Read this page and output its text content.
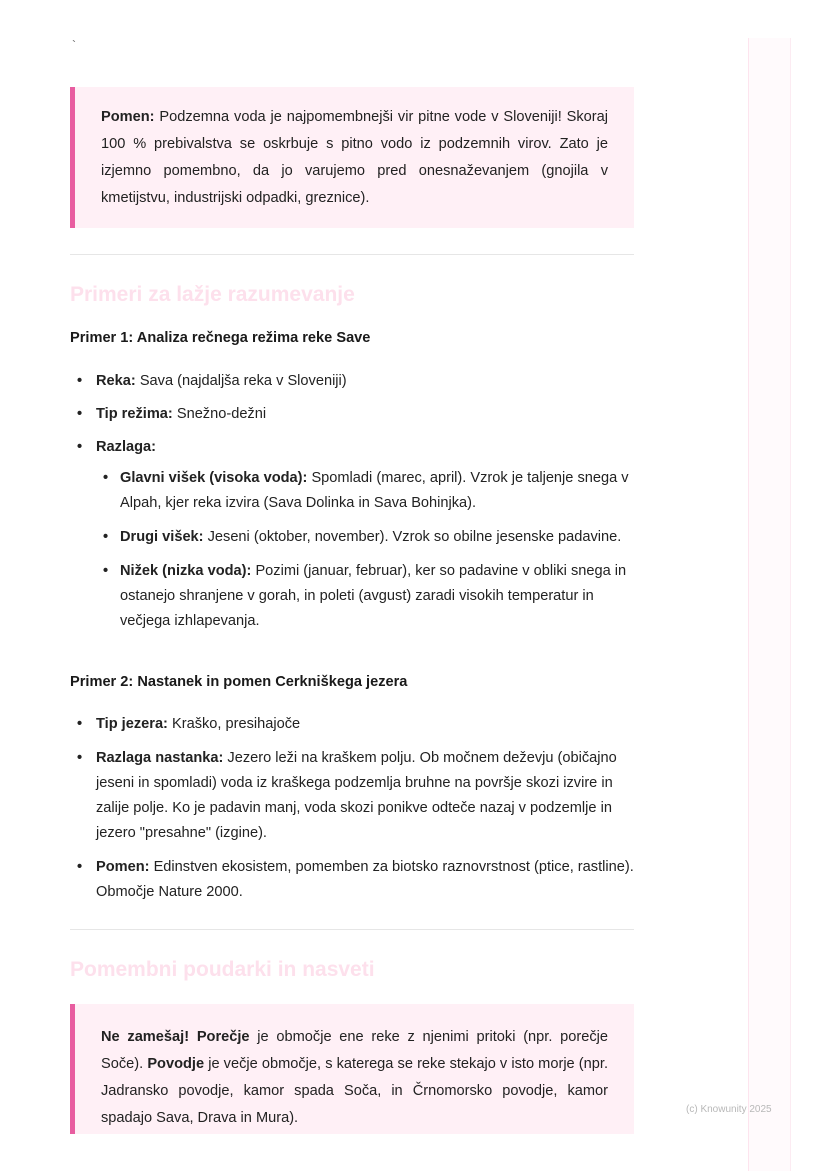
`
Pomen: Podzemna voda je najpomembnejši vir pitne vode v Sloveniji! Skoraj 100 % prebivalstva se oskrbuje s pitno vodo iz podzemnih virov. Zato je izjemno pomembno, da jo varujemo pred onesnaževanjem (gnojila v kmetijstvu, industrijski odpadki, greznice).
Primeri za lažje razumevanje
Primer 1: Analiza rečnega režima reke Save
• Reka: Sava (najdaljša reka v Sloveniji)
• Tip režima: Snežno-dežni
• Razlaga:
• Glavni višek (visoka voda): Spomladi (marec, april). Vzrok je taljenje snega v Alpah, kjer reka izvira (Sava Dolinka in Sava Bohinjka).
• Drugi višek: Jeseni (oktober, november). Vzrok so obilne jesenske padavine.
• Nižek (nizka voda): Pozimi (januar, februar), ker so padavine v obliki snega in ostanejo shranjene v gorah, in poleti (avgust) zaradi visokih temperatur in večjega izhlapevanja.
Primer 2: Nastanek in pomen Cerkniškega jezera
• Tip jezera: Kraško, presihajoče
• Razlaga nastanka: Jezero leži na kraškem polju. Ob močnem deževju (običajno jeseni in spomladi) voda iz kraškega podzemlja bruhne na površje skozi izvire in zalije polje. Ko je padavin manj, voda skozi ponikve odteče nazaj v podzemlje in jezero "presahne" (izgine).
• Pomen: Edinstven ekosistem, pomemben za biotsko raznovrstnost (ptice, rastline). Območje Nature 2000.
Pomembni poudarki in nasveti
Ne zamešaj! Porečje je območje ene reke z njenimi pritoki (npr. porečje Soče). Povodje je večje območje, s katerega se reke stekajo v isto morje (npr. Jadransko povodje, kamor spada Soča, in Črnomorsko povodje, kamor spadajo Sava, Drava in Mura).
(c) Knowunity 2025
